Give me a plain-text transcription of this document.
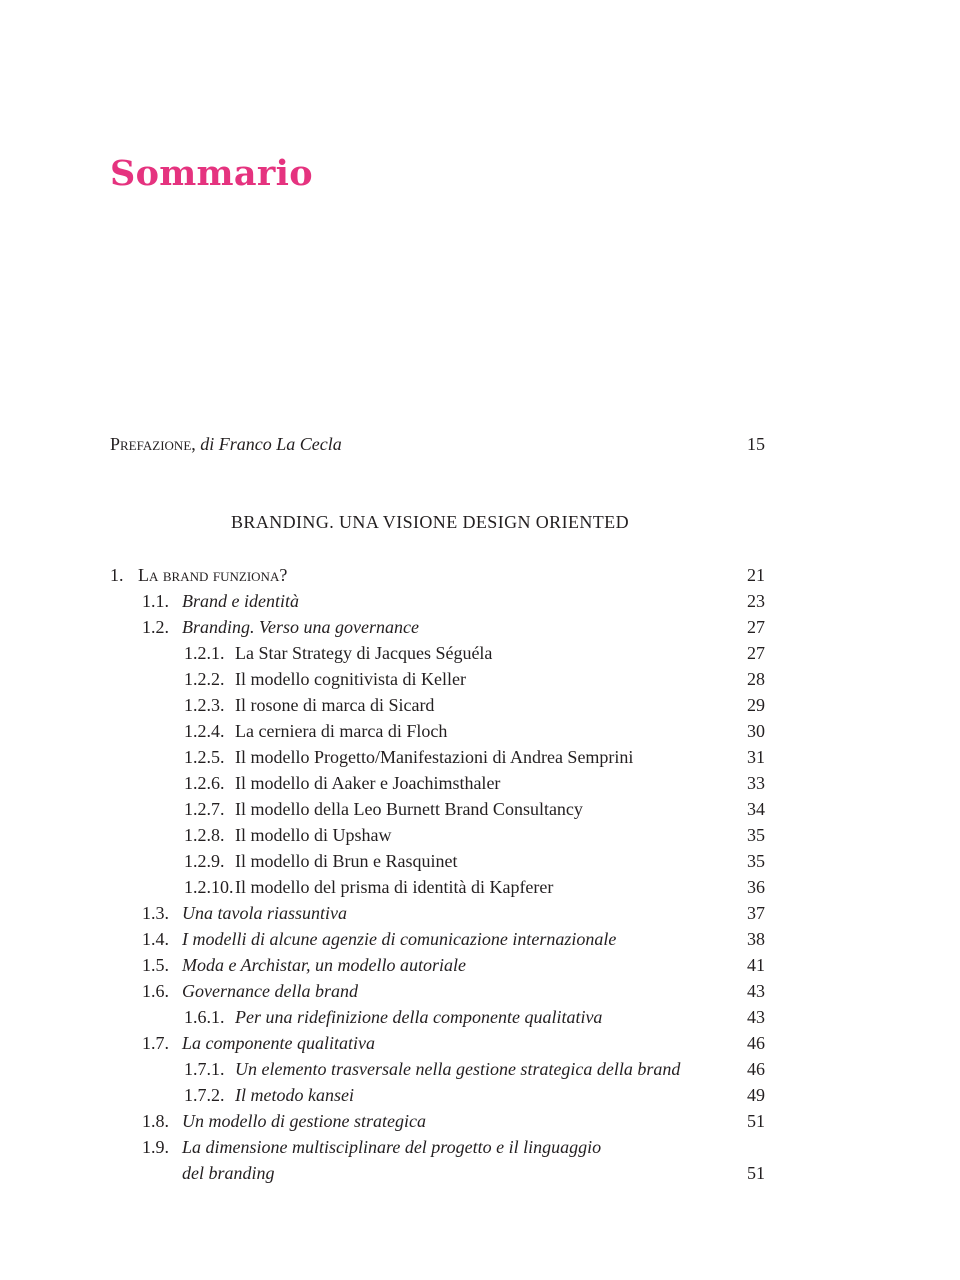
Sommario
Prefazione, di Franco La Cecla	15
BRANDING. UNA VISIONE DESIGN ORIENTED
1. La brand funziona?	21
1.1. Brand e identità	23
1.2. Branding. Verso una governance	27
1.2.1. La Star Strategy di Jacques Séguéla	27
1.2.2. Il modello cognitivista di Keller	28
1.2.3. Il rosone di marca di Sicard	29
1.2.4. La cerniera di marca di Floch	30
1.2.5. Il modello Progetto/Manifestazioni di Andrea Semprini	31
1.2.6. Il modello di Aaker e Joachimsthaler	33
1.2.7. Il modello della Leo Burnett Brand Consultancy	34
1.2.8. Il modello di Upshaw	35
1.2.9. Il modello di Brun e Rasquinet	35
1.2.10. Il modello del prisma di identità di Kapferer	36
1.3. Una tavola riassuntiva	37
1.4. I modelli di alcune agenzie di comunicazione internazionale	38
1.5. Moda e Archistar, un modello autoriale	41
1.6. Governance della brand	43
1.6.1. Per una ridefinizione della componente qualitativa	43
1.7. La componente qualitativa	46
1.7.1. Un elemento trasversale nella gestione strategica della brand	46
1.7.2. Il metodo kansei	49
1.8. Un modello di gestione strategica	51
1.9. La dimensione multisciplinare del progetto e il linguaggio
del branding	51
